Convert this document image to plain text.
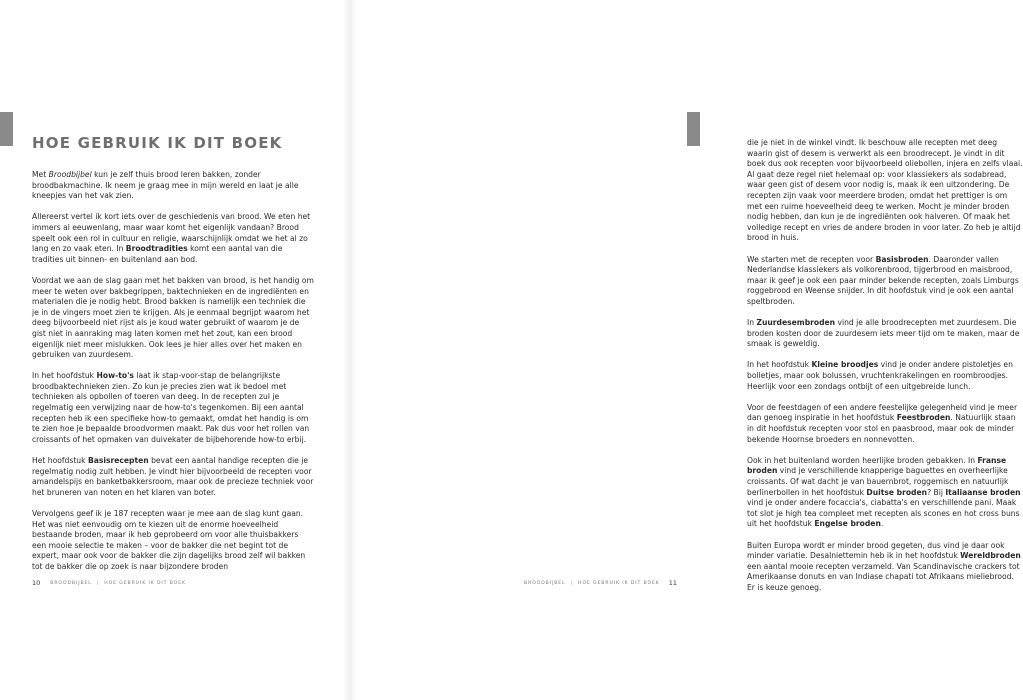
HOE GEBRUIK IK DIT BOEK

Met Broodbijbel kun je zelf thuis brood leren bakken, zonder broodbakmachine. Ik neem je graag mee in mijn wereld en laat je alle kneepjes van het vak zien.

Allereerst vertel ik kort iets over de geschiedenis van brood. We eten het immers al eeuwenlang, maar waar komt het eigenlijk vandaan? Brood speelt ook een rol in cultuur en religie, waarschijnlijk omdat we het al zo lang en zo vaak eten. In Broodtradities komt een aantal van die tradities uit binnen- en buitenland aan bod.

Voordat we aan de slag gaan met het bakken van brood, is het handig om meer te weten over bakbegrippen, baktechnieken en de ingrediënten en materialen die je nodig hebt. Brood bakken is namelijk een techniek die je in de vingers moet zien te krijgen. Als je eenmaal begrijpt waarom het deeg bijvoorbeeld niet rijst als je koud water gebruikt of waarom je de gist niet in aanraking mag laten komen met het zout, kan een brood eigenlijk niet meer mislukken. Ook lees je hier alles over het maken en gebruiken van zuurdesem.

In het hoofdstuk How-to's laat ik stap-voor-stap de belangrijkste broodbaktechnieken zien. Zo kun je precies zien wat ik bedoel met technieken als opbollen of toeren van deeg. In de recepten zul je regelmatig een verwijzing naar de how-to's tegenkomen. Bij een aantal recepten heb ik een specifieke how-to gemaakt, omdat het handig is om te zien hoe je bepaalde broodvormen maakt. Pak dus voor het rollen van croissants of het opmaken van duivekater de bijbehorende how-to erbij.

Het hoofdstuk Basisrecepten bevat een aantal handige recepten die je regelmatig nodig zult hebben. Je vindt hier bijvoorbeeld de recepten voor amandelspijs en banketbakkersroom, maar ook de precieze techniek voor het bruneren van noten en het klaren van boter.

Vervolgens geef ik je 187 recepten waar je mee aan de slag kunt gaan. Het was niet eenvoudig om te kiezen uit de enorme hoeveelheid bestaande broden, maar ik heb geprobeerd om voor alle thuisbakkers een mooie selectie te maken – voor de bakker die net begint tot de expert, maar ook voor de bakker die zijn dagelijks brood zelf wil bakken tot de bakker die op zoek is naar bijzondere broden

10 BROODBIJBEL | HOE GEBRUIK IK DIT BOEK

die je niet in de winkel vindt. Ik beschouw alle recepten met deeg waarin gist of desem is verwerkt als een broodrecept. Je vindt in dit boek dus ook recepten voor bijvoorbeeld oliebollen, injera en zelfs vlaai. Al gaat deze regel niet helemaal op: voor klassiekers als sodabread, waar geen gist of desem voor nodig is, maak ik een uitzondering. De recepten zijn vaak voor meerdere broden, omdat het prettiger is om met een ruime hoeveelheid deeg te werken. Mocht je minder broden nodig hebben, dan kun je de ingrediënten ook halveren. Of maak het volledige recept en vries de andere broden in voor later. Zo heb je altijd brood in huis.

We starten met de recepten voor Basisbroden. Daaronder vallen Nederlandse klassiekers als volkorenbrood, tijgerbrood en maisbrood, maar ik geef je ook een paar minder bekende recepten, zoals Limburgs roggebrood en Weense snijder. In dit hoofdstuk vind je ook een aantal speltbroden.

In Zuurdesembroden vind je alle broodrecepten met zuurdesem. Die broden kosten door de zuurdesem iets meer tijd om te maken, maar de smaak is geweldig.

In het hoofdstuk Kleine broodjes vind je onder andere pistoletjes en bolletjes, maar ook bolussen, vruchtenkrakelingen en roombroodjes. Heerlijk voor een zondags ontbijt of een uitgebreide lunch.

Voor de feestdagen of een andere feestelijke gelegenheid vind je meer dan genoeg inspiratie in het hoofdstuk Feestbroden. Natuurlijk staan in dit hoofdstuk recepten voor stol en paasbrood, maar ook de minder bekende Hoornse broeders en nonnevotten.

Ook in het buitenland worden heerlijke broden gebakken. In Franse broden vind je verschillende knapperige baguettes en overheerlijke croissants. Of wat dacht je van bauernbrot, roggemisch en natuurlijk berlinerbollen in het hoofdstuk Duitse broden? Bij Italiaanse broden vind je onder andere focaccia's, ciabatta's en verschillende pani. Maak tot slot je high tea compleet met recepten als scones en hot cross buns uit het hoofdstuk Engelse broden.

Buiten Europa wordt er minder brood gegeten, dus vind je daar ook minder variatie. Desalniettemin heb ik in het hoofdstuk Wereldbroden een aantal mooie recepten verzameld. Van Scandinavische crackers tot Amerikaanse donuts en van Indiase chapati tot Afrikaans mieliebrood. Er is keuze genoeg.

BROODBIJBEL | HOE GEBRUIK IK DIT BOEK 11
